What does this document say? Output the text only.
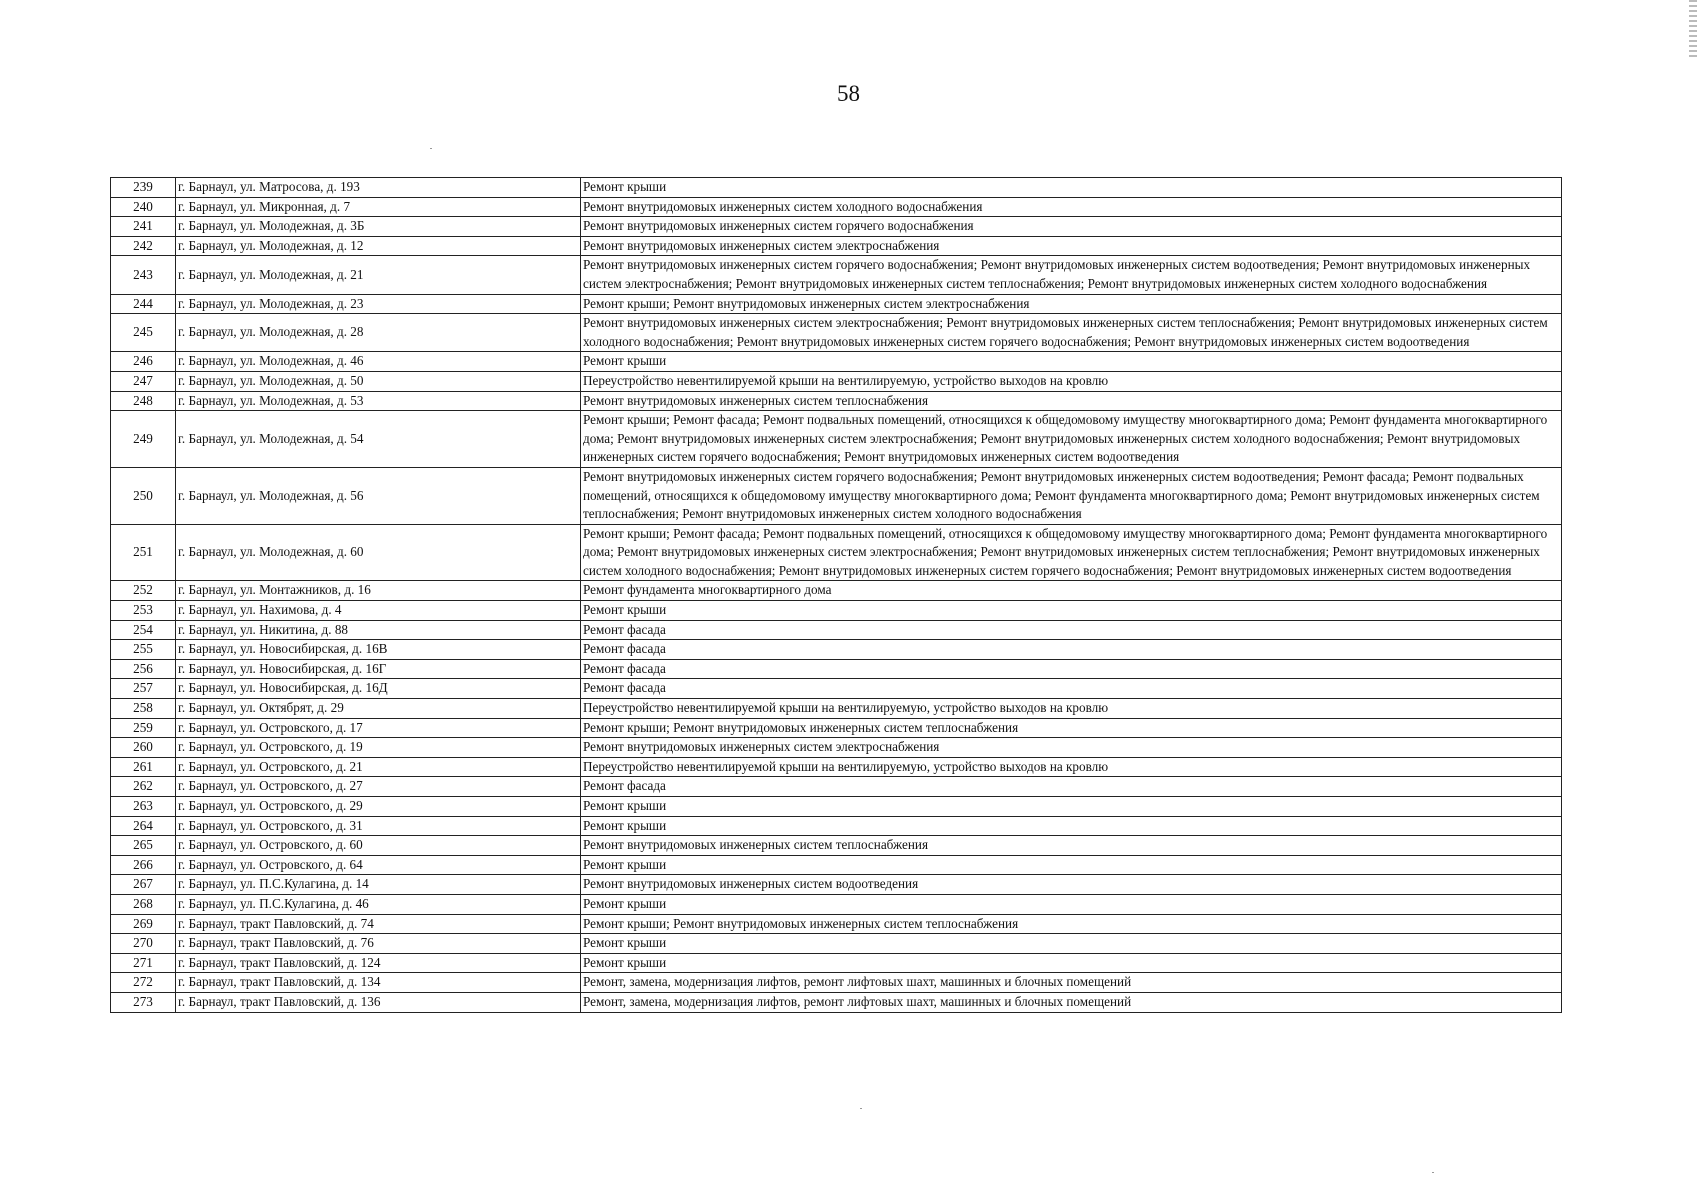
58
239	г. Барнаул, ул. Матросова, д. 193	Ремонт крыши
240	г. Барнаул, ул. Микронная, д. 7	Ремонт внутридомовых инженерных систем холодного водоснабжения
241	г. Барнаул, ул. Молодежная, д. 3Б	Ремонт внутридомовых инженерных систем горячего водоснабжения
242	г. Барнаул, ул. Молодежная, д. 12	Ремонт внутридомовых инженерных систем электроснабжения
243	г. Барнаул, ул. Молодежная, д. 21	Ремонт внутридомовых инженерных систем горячего водоснабжения; Ремонт внутридомовых инженерных систем водоотведения; Ремонт внутридомовых инженерных систем электроснабжения; Ремонт внутридомовых инженерных систем теплоснабжения; Ремонт внутридомовых инженерных систем холодного водоснабжения
244	г. Барнаул, ул. Молодежная, д. 23	Ремонт крыши; Ремонт внутридомовых инженерных систем электроснабжения
245	г. Барнаул, ул. Молодежная, д. 28	Ремонт внутридомовых инженерных систем электроснабжения; Ремонт внутридомовых инженерных систем теплоснабжения; Ремонт внутридомовых инженерных систем холодного водоснабжения; Ремонт внутридомовых инженерных систем горячего водоснабжения; Ремонт внутридомовых инженерных систем водоотведения
246	г. Барнаул, ул. Молодежная, д. 46	Ремонт крыши
247	г. Барнаул, ул. Молодежная, д. 50	Переустройство невентилируемой крыши на вентилируемую, устройство выходов на кровлю
248	г. Барнаул, ул. Молодежная, д. 53	Ремонт внутридомовых инженерных систем теплоснабжения
249	г. Барнаул, ул. Молодежная, д. 54	Ремонт крыши; Ремонт фасада; Ремонт подвальных помещений, относящихся к общедомовому имуществу многоквартирного дома; Ремонт фундамента многоквартирного дома; Ремонт внутридомовых инженерных систем электроснабжения; Ремонт внутридомовых инженерных систем холодного водоснабжения; Ремонт внутридомовых инженерных систем горячего водоснабжения; Ремонт внутридомовых инженерных систем водоотведения
250	г. Барнаул, ул. Молодежная, д. 56	Ремонт внутридомовых инженерных систем горячего водоснабжения; Ремонт внутридомовых инженерных систем водоотведения; Ремонт фасада; Ремонт подвальных помещений, относящихся к общедомовому имуществу многоквартирного дома; Ремонт фундамента многоквартирного дома; Ремонт внутридомовых инженерных систем теплоснабжения; Ремонт внутридомовых инженерных систем холодного водоснабжения
251	г. Барнаул, ул. Молодежная, д. 60	Ремонт крыши; Ремонт фасада; Ремонт подвальных помещений, относящихся к общедомовому имуществу многоквартирного дома; Ремонт фундамента многоквартирного дома; Ремонт внутридомовых инженерных систем электроснабжения; Ремонт внутридомовых инженерных систем теплоснабжения; Ремонт внутридомовых инженерных систем холодного водоснабжения; Ремонт внутридомовых инженерных систем горячего водоснабжения; Ремонт внутридомовых инженерных систем водоотведения
252	г. Барнаул, ул. Монтажников, д. 16	Ремонт фундамента многоквартирного дома
253	г. Барнаул, ул. Нахимова, д. 4	Ремонт крыши
254	г. Барнаул, ул. Никитина, д. 88	Ремонт фасада
255	г. Барнаул, ул. Новосибирская, д. 16В	Ремонт фасада
256	г. Барнаул, ул. Новосибирская, д. 16Г	Ремонт фасада
257	г. Барнаул, ул. Новосибирская, д. 16Д	Ремонт фасада
258	г. Барнаул, ул. Октябрят, д. 29	Переустройство невентилируемой крыши на вентилируемую, устройство выходов на кровлю
259	г. Барнаул, ул. Островского, д. 17	Ремонт крыши; Ремонт внутридомовых инженерных систем теплоснабжения
260	г. Барнаул, ул. Островского, д. 19	Ремонт внутридомовых инженерных систем электроснабжения
261	г. Барнаул, ул. Островского, д. 21	Переустройство невентилируемой крыши на вентилируемую, устройство выходов на кровлю
262	г. Барнаул, ул. Островского, д. 27	Ремонт фасада
263	г. Барнаул, ул. Островского, д. 29	Ремонт крыши
264	г. Барнаул, ул. Островского, д. 31	Ремонт крыши
265	г. Барнаул, ул. Островского, д. 60	Ремонт внутридомовых инженерных систем теплоснабжения
266	г. Барнаул, ул. Островского, д. 64	Ремонт крыши
267	г. Барнаул, ул. П.С.Кулагина, д. 14	Ремонт внутридомовых инженерных систем водоотведения
268	г. Барнаул, ул. П.С.Кулагина, д. 46	Ремонт крыши
269	г. Барнаул, тракт Павловский, д. 74	Ремонт крыши; Ремонт внутридомовых инженерных систем теплоснабжения
270	г. Барнаул, тракт Павловский, д. 76	Ремонт крыши
271	г. Барнаул, тракт Павловский, д. 124	Ремонт крыши
272	г. Барнаул, тракт Павловский, д. 134	Ремонт, замена, модернизация лифтов, ремонт лифтовых шахт, машинных и блочных помещений
273	г. Барнаул, тракт Павловский, д. 136	Ремонт, замена, модернизация лифтов, ремонт лифтовых шахт, машинных и блочных помещений
